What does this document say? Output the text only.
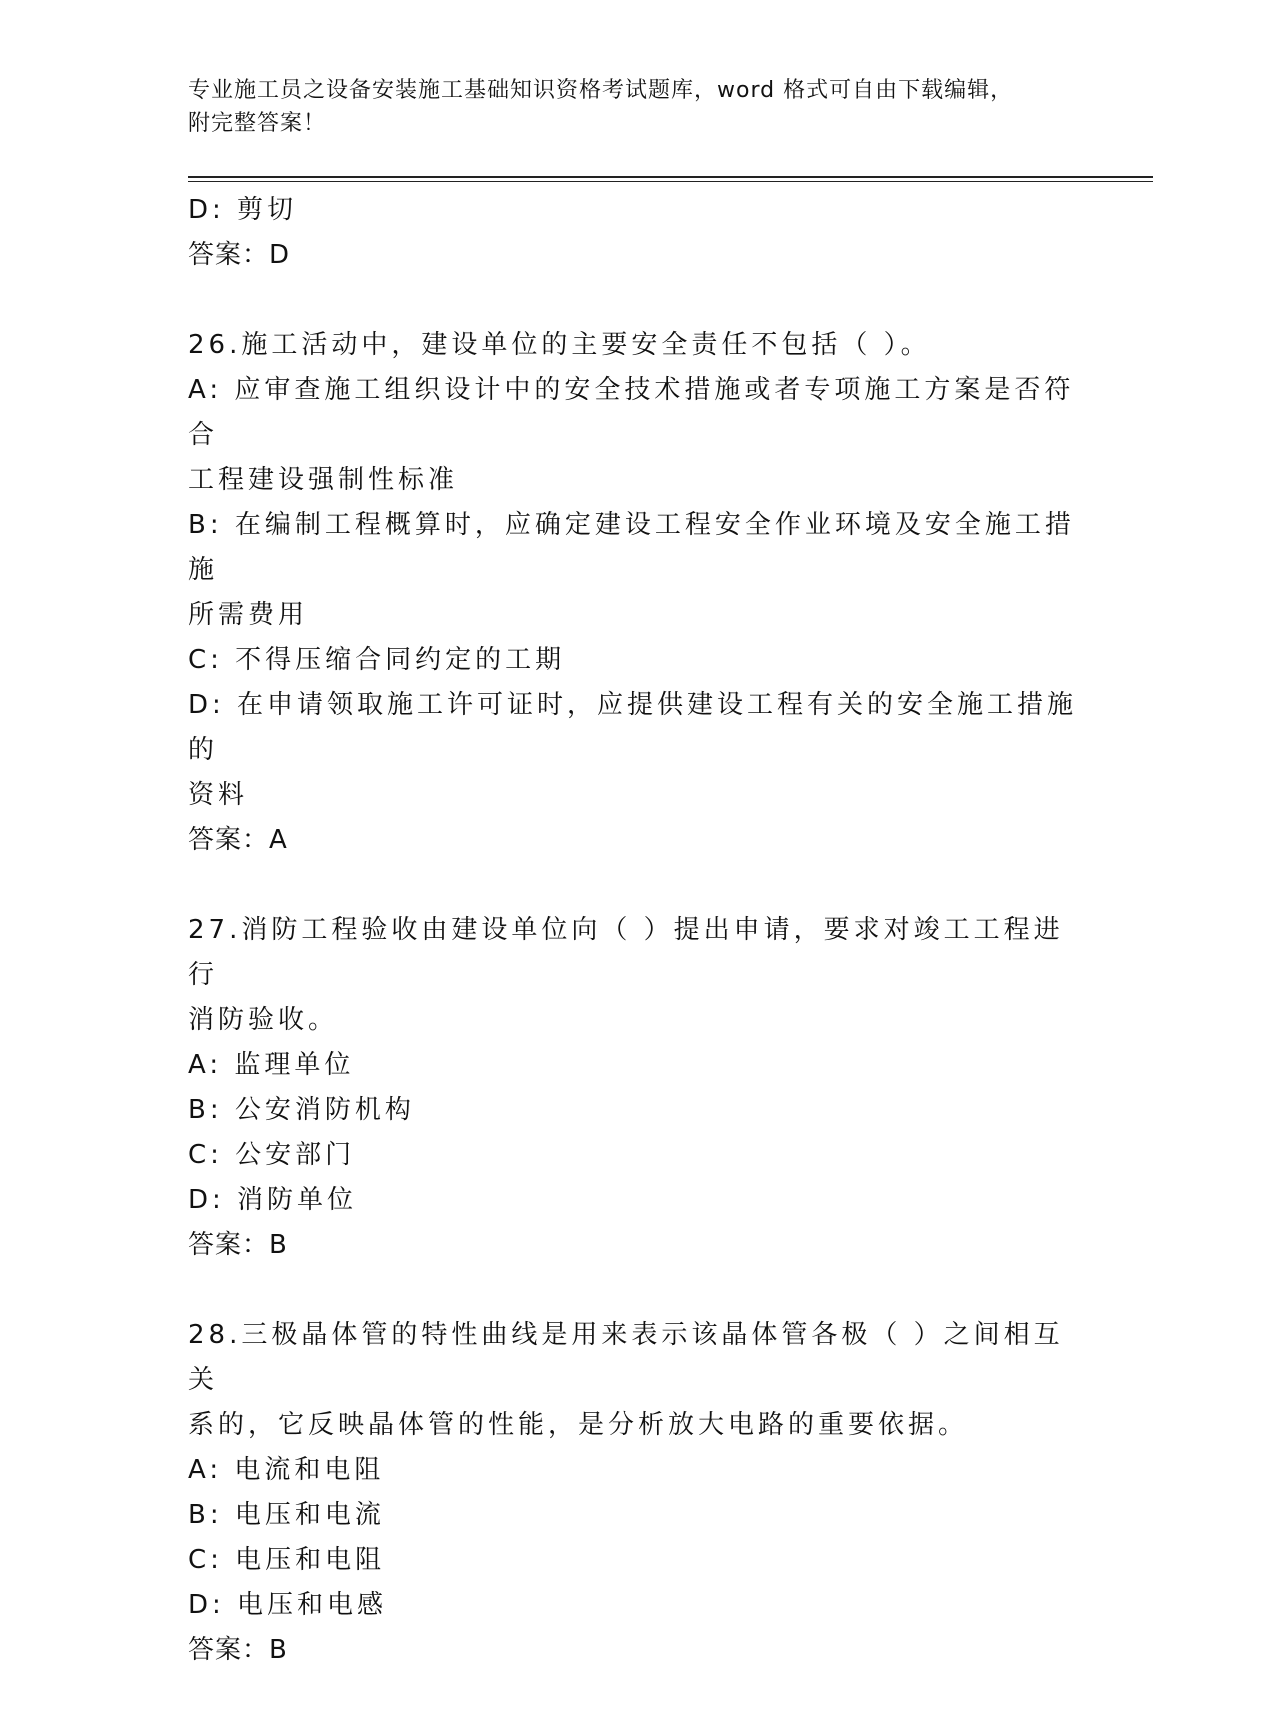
专业施工员之设备安装施工基础知识资格考试题库，word 格式可自由下载编辑，
附完整答案！
D: 剪切
答案：D
26.施工活动中，建设单位的主要安全责任不包括（ ）。
A: 应审查施工组织设计中的安全技术措施或者专项施工方案是否符合
工程建设强制性标准
B: 在编制工程概算时，应确定建设工程安全作业环境及安全施工措施
所需费用
C: 不得压缩合同约定的工期
D: 在申请领取施工许可证时，应提供建设工程有关的安全施工措施的
资料
答案：A
27.消防工程验收由建设单位向（ ）提出申请，要求对竣工工程进行
消防验收。
A: 监理单位
B: 公安消防机构
C: 公安部门
D: 消防单位
答案：B
28.三极晶体管的特性曲线是用来表示该晶体管各极（ ）之间相互关
系的，它反映晶体管的性能，是分析放大电路的重要依据。
A: 电流和电阻
B: 电压和电流
C: 电压和电阻
D: 电压和电感
答案：B
